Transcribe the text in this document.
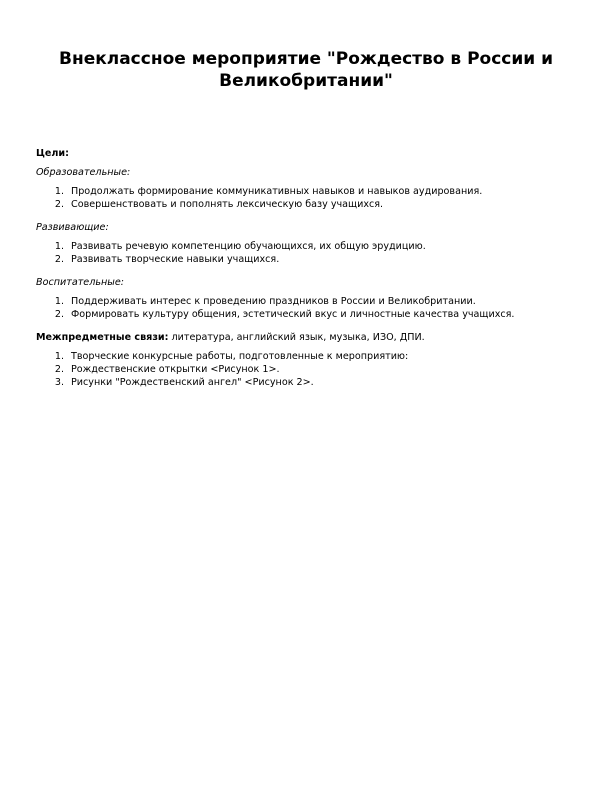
Внеклассное мероприятие "Рождество в России и Великобритании"

Цели:

Образовательные:

1. Продолжать формирование коммуникативных навыков и навыков аудирования.
2. Совершенствовать и пополнять лексическую базу учащихся.

Развивающие:

1. Развивать речевую компетенцию обучающихся, их общую эрудицию.
2. Развивать творческие навыки учащихся.

Воспитательные:

1. Поддерживать интерес к проведению праздников в России и Великобритании.
2. Формировать культуру общения, эстетический вкус и личностные качества учащихся.

Межпредметные связи: литература, английский язык, музыка, ИЗО, ДПИ.

1. Творческие конкурсные работы, подготовленные к мероприятию:
2. Рождественские открытки <Рисунок 1>.
3. Рисунки "Рождественский ангел" <Рисунок 2>.
